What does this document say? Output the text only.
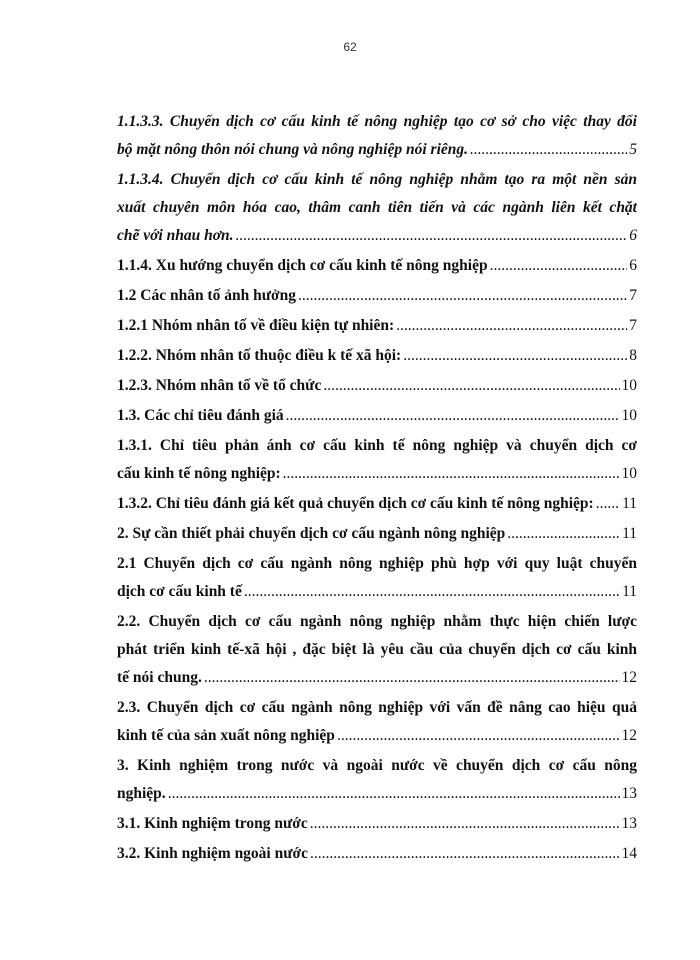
62
1.1.3.3. Chuyển dịch cơ cấu kinh tế nông nghiệp tạo cơ sở cho việc thay đổi
bộ mặt nông thôn nói chung và nông nghiệp nói riêng. .....	5
1.1.3.4. Chuyển dịch cơ cấu kinh tế nông nghiệp nhằm tạo ra một nền sản
xuất chuyên môn hóa cao, thâm canh tiên tiến và các ngành liên kết chặt
chẽ với nhau hơn. .....	6
1.1.4. Xu hướng chuyển dịch cơ cấu kinh tế nông nghiệp .....	6
1.2 Các nhân tố ảnh hưởng .....	7
1.2.1 Nhóm nhân tố về điều kiện tự nhiên: .....	7
1.2.2. Nhóm nhân tố thuộc điều k tế xã hội: .....	8
1.2.3. Nhóm nhân tố về tổ chức .....	10
1.3. Các chỉ tiêu đánh giá .....	10
1.3.1. Chỉ tiêu phản ánh cơ cấu kinh tế nông nghiệp và chuyển dịch cơ
cấu kinh tế nông nghiệp: .....	10
1.3.2. Chỉ tiêu đánh giá kết quả chuyển dịch cơ cấu kinh tế nông nghiệp: ..... 11
2. Sự cần thiết phải chuyển dịch cơ cấu ngành nông nghiệp .....	11
2.1 Chuyển dịch cơ cấu ngành nông nghiệp phù hợp với quy luật chuyển
dịch cơ cấu kinh tế .....	11
2.2. Chuyển dịch cơ cấu ngành nông nghiệp nhằm thực hiện chiến lược
phát triển kinh tế-xã hội , đặc biệt là yêu cầu của chuyển dịch cơ cấu kinh
tế nói chung. .....	12
2.3. Chuyển dịch cơ cấu ngành nông nghiệp với vấn đề nâng cao hiệu quả
kinh tế của sản xuất nông nghiệp .....	12
3. Kinh nghiệm trong nước và ngoài nước về chuyển dịch cơ cấu nông
nghiệp. .....	13
3.1. Kinh nghiệm trong nước .....	13
3.2. Kinh nghiệm ngoài nước .....	14
